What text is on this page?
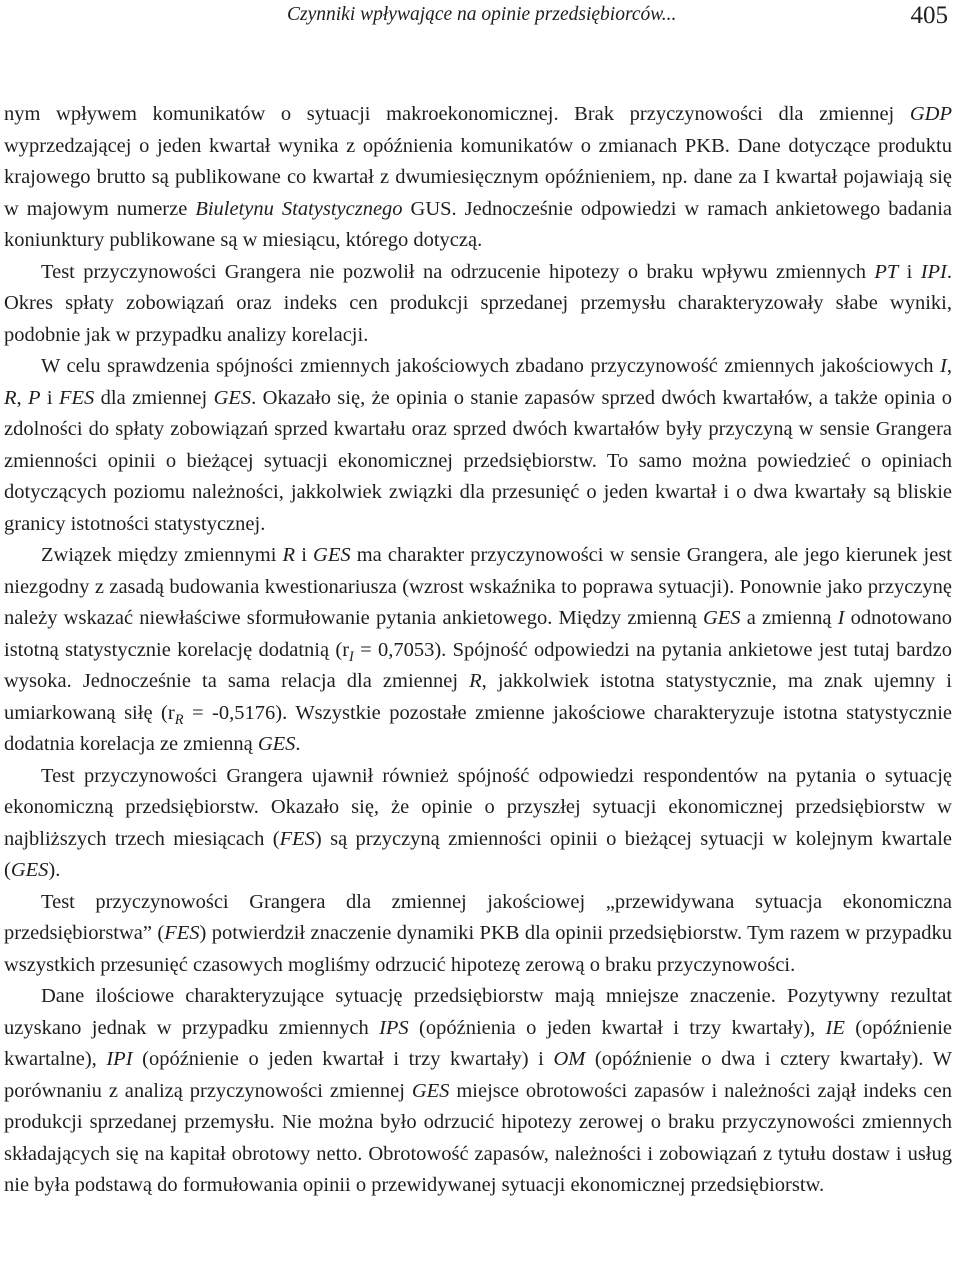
Czynniki wpływające na opinie przedsiębiorców...	405

nym wpływem komunikatów o sytuacji makroekonomicznej. Brak przyczynowości dla zmiennej GDP wyprzedzającej o jeden kwartał wynika z opóźnienia komunikatów o zmianach PKB. Dane dotyczące produktu krajowego brutto są publikowane co kwartał z dwumiesięcznym opóźnieniem, np. dane za I kwartał pojawiają się w majowym numerze Biuletynu Statystycznego GUS. Jednocześnie odpowiedzi w ramach ankietowego badania koniunktury publikowane są w miesiącu, którego dotyczą.

Test przyczynowości Grangera nie pozwolił na odrzucenie hipotezy o braku wpływu zmiennych PT i IPI. Okres spłaty zobowiązań oraz indeks cen produkcji sprzedanej przemysłu charakteryzowały słabe wyniki, podobnie jak w przypadku analizy korelacji.

W celu sprawdzenia spójności zmiennych jakościowych zbadano przyczynowość zmiennych jakościowych I, R, P i FES dla zmiennej GES. Okazało się, że opinia o stanie zapasów sprzed dwóch kwartałów, a także opinia o zdolności do spłaty zobowiązań sprzed kwartału oraz sprzed dwóch kwartałów były przyczyną w sensie Grangera zmienności opinii o bieżącej sytuacji ekonomicznej przedsiębiorstw. To samo można powiedzieć o opiniach dotyczących poziomu należności, jakkolwiek związki dla przesunięć o jeden kwartał i o dwa kwartały są bliskie granicy istotności statystycznej.

Związek między zmiennymi R i GES ma charakter przyczynowości w sensie Grangera, ale jego kierunek jest niezgodny z zasadą budowania kwestionariusza (wzrost wskaźnika to poprawa sytuacji). Ponownie jako przyczynę należy wskazać niewłaściwe sformułowanie pytania ankietowego. Między zmienną GES a zmienną I odnotowano istotną statystycznie korelację dodatnią $(r_I = 0,7053)$. Spójność odpowiedzi na pytania ankietowe jest tutaj bardzo wysoka. Jednocześnie ta sama relacja dla zmiennej R, jakkolwiek istotna statystycznie, ma znak ujemny i umiarkowaną siłę $(r_R = -0,5176)$. Wszystkie pozostałe zmienne jakościowe charakteryzuje istotna statystycznie dodatnia korelacja ze zmienną GES.

Test przyczynowości Grangera ujawnił również spójność odpowiedzi respondentów na pytania o sytuację ekonomiczną przedsiębiorstw. Okazało się, że opinie o przyszłej sytuacji ekonomicznej przedsiębiorstw w najbliższych trzech miesiącach (FES) są przyczyną zmienności opinii o bieżącej sytuacji w kolejnym kwartale (GES).

Test przyczynowości Grangera dla zmiennej jakościowej „przewidywana sytuacja ekonomiczna przedsiębiorstwa” (FES) potwierdził znaczenie dynamiki PKB dla opinii przedsiębiorstw. Tym razem w przypadku wszystkich przesunięć czasowych mogliśmy odrzucić hipotezę zerową o braku przyczynowości.

Dane ilościowe charakteryzujące sytuację przedsiębiorstw mają mniejsze znaczenie. Pozytywny rezultat uzyskano jednak w przypadku zmiennych IPS (opóźnienia o jeden kwartał i trzy kwartały), IE (opóźnienie kwartalne), IPI (opóźnienie o jeden kwartał i trzy kwartały) i OM (opóźnienie o dwa i cztery kwartały). W porównaniu z analizą przyczynowości zmiennej GES miejsce obrotowości zapasów i należności zajął indeks cen produkcji sprzedanej przemysłu. Nie można było odrzucić hipotezy zerowej o braku przyczynowości zmiennych składających się na kapitał obrotowy netto. Obrotowość zapasów, należności i zobowiązań z tytułu dostaw i usług nie była podstawą do formułowania opinii o przewidywanej sytuacji ekonomicznej przedsiębiorstw.
